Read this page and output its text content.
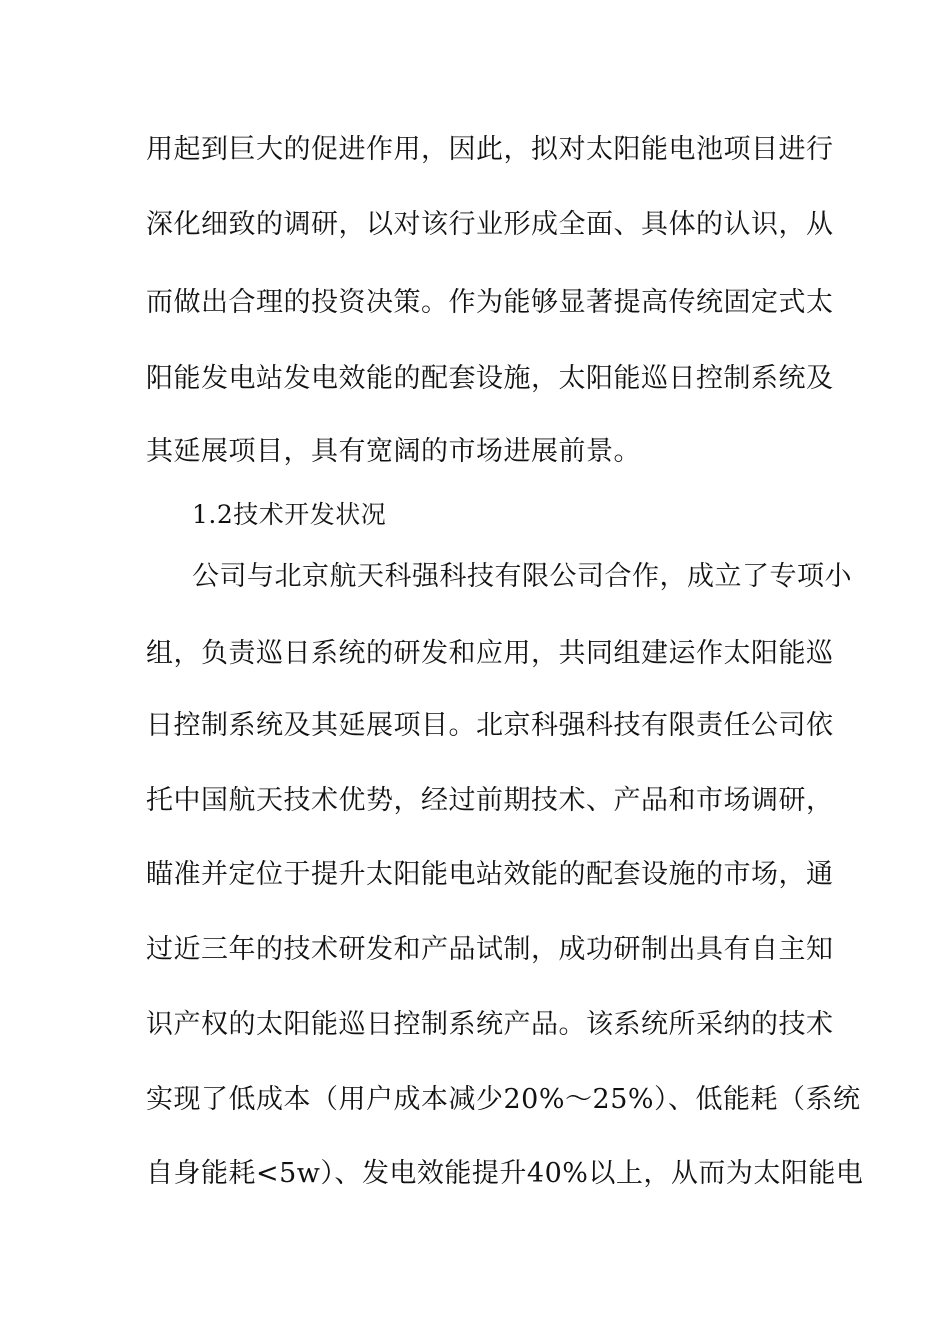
用起到巨大的促进作用，因此，拟对太阳能电池项目进行
深化细致的调研，以对该行业形成全面、具体的认识，从
而做出合理的投资决策。作为能够显著提高传统固定式太
阳能发电站发电效能的配套设施，太阳能巡日控制系统及
其延展项目，具有宽阔的市场进展前景。
1.2技术开发状况
公司与北京航天科强科技有限公司合作，成立了专项小
组，负责巡日系统的研发和应用，共同组建运作太阳能巡
日控制系统及其延展项目。北京科强科技有限责任公司依
托中国航天技术优势，经过前期技术、产品和市场调研，
瞄准并定位于提升太阳能电站效能的配套设施的市场，通
过近三年的技术研发和产品试制，成功研制出具有自主知
识产权的太阳能巡日控制系统产品。该系统所采纳的技术
实现了低成本（用户成本减少20%～25%）、低能耗（系统
自身能耗<5w）、发电效能提升40%以上，从而为太阳能电
